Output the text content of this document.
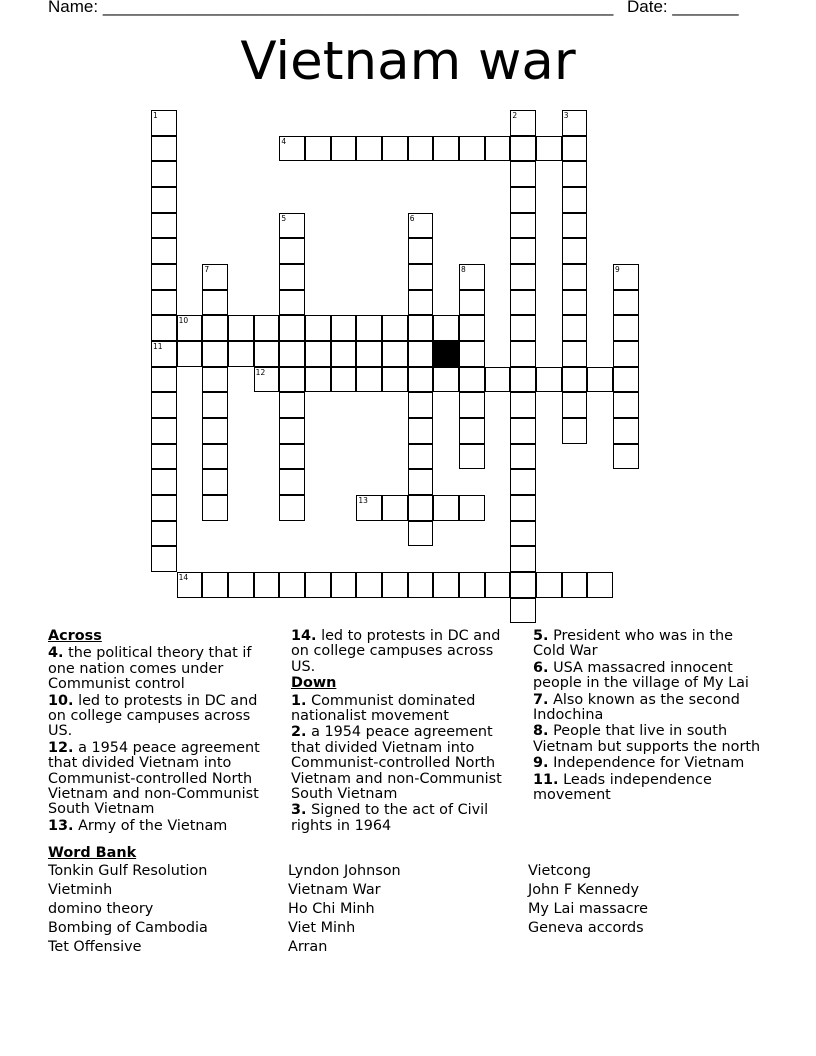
Name: ______________________________________________________ Date: _______
Vietnam war
1	2	3
4
5	6
7	8	9
10
11
12
13
14
Across
4. the political theory that if one nation comes under Communist control
10. led to protests in DC and on college campuses across US.
12. a 1954 peace agreement that divided Vietnam into Communist-controlled North Vietnam and non-Communist South Vietnam
13. Army of the Vietnam
14. led to protests in DC and on college campuses across US.
Down
1. Communist dominated nationalist movement
2. a 1954 peace agreement that divided Vietnam into Communist-controlled North Vietnam and non-Communist South Vietnam
3. Signed to the act of Civil rights in 1964
5. President who was in the Cold War
6. USA massacred innocent people in the village of My Lai
7. Also known as the second Indochina
8. People that live in south Vietnam but supports the north
9. Independence for Vietnam
11. Leads independence movement
Word Bank
Tonkin Gulf Resolution
Vietminh
domino theory
Bombing of Cambodia
Tet Offensive
Lyndon Johnson
Vietnam War
Ho Chi Minh
Viet Minh
Arran
Vietcong
John F Kennedy
My Lai massacre
Geneva accords
